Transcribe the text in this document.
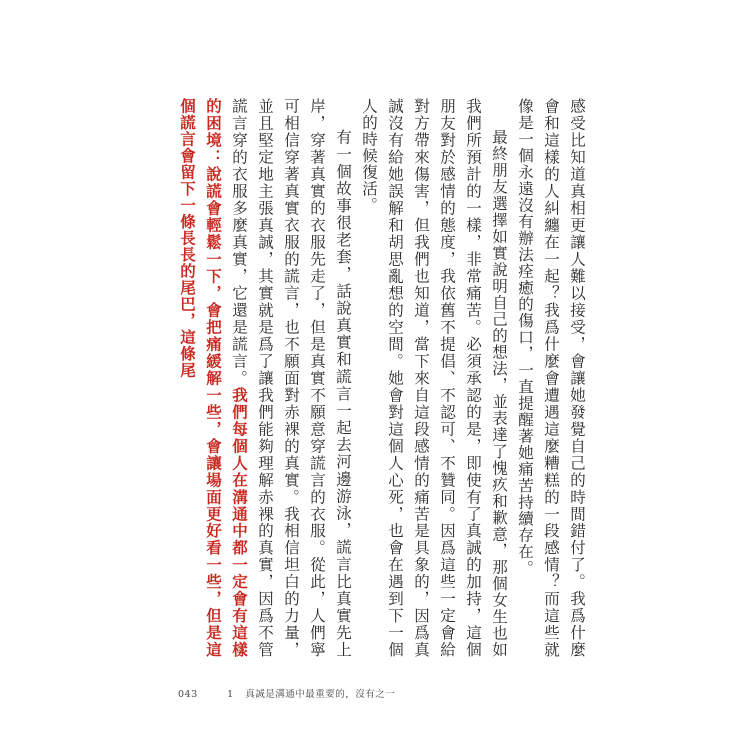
感受比知道真相更讓人難以接受，會讓她發覺自己的時間錯付了。我爲什麼會和這樣的人糾纏在一起？我爲什麼會遭遇這麼糟糕的一段感情？而這些就像是一個永遠沒有辦法痊癒的傷口，一直提醒著她痛苦持續存在。

最終朋友選擇如實說明自己的想法，並表達了愧疚和歉意，那個女生也如我們所預計的一樣，非常痛苦。必須承認的是，即使有了真誠的加持，這個朋友對於感情的態度，我依舊不提倡、不認可、不贊同。因爲這些一定會給對方帶來傷害，但我們也知道，當下來自這段感情的痛苦是具象的，因爲真誠沒有給她誤解和胡思亂想的空間。她會對這個人心死，也會在遇到下一個人的時候復活。

有一個故事很老套，話說真實和謊言一起去河邊游泳，謊言比真實先上岸，穿著真實的衣服先走了，但是真實不願意穿謊言的衣服。從此，人們寧可相信穿著真實衣服的謊言，也不願面對赤裸的真實。我相信坦白的力量，並且堅定地主張真誠，其實就是爲了讓我們能夠理解赤裸的真實，因爲不管謊言穿的衣服多麼真實，它還是謊言。我們每個人在溝通中都一定會有這樣的困境：說謊會輕鬆一下，會把痛緩解一些，會讓場面更好看一些，但是這個謊言會留下一條長長的尾巴，這條尾

043	1 真誠是溝通中最重要的，沒有之一
